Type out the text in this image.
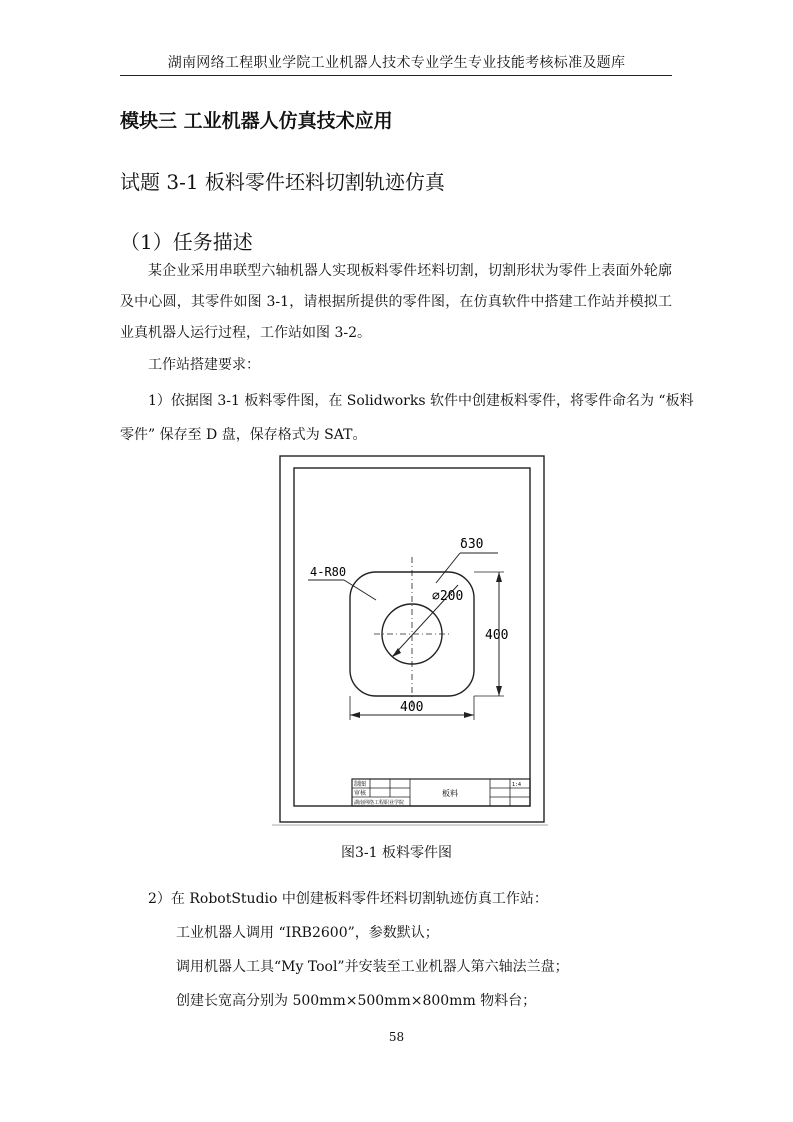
湖南网络工程职业学院工业机器人技术专业学生专业技能考核标准及题库
模块三 工业机器人仿真技术应用
试题 3-1 板料零件坯料切割轨迹仿真
（1）任务描述
某企业采用串联型六轴机器人实现板料零件坯料切割，切割形状为零件上表面外轮廓及中心圆，其零件如图 3-1，请根据所提供的零件图，在仿真软件中搭建工作站并模拟工业真机器人运行过程，工作站如图 3-2。
工作站搭建要求：
1）依据图 3-1 板料零件图，在 Solidworks 软件中创建板料零件，将零件命名为 “板料
零件” 保存至 D 盘，保存格式为 SAT。
δ30
4-R80
⌀200
400
400
制图
审核
湖南网络工程职业学院
板料
1:4
图3-1 板料零件图
2）在 RobotStudio 中创建板料零件坯料切割轨迹仿真工作站：
工业机器人调用 “IRB2600”，参数默认；
调用机器人工具“My Tool”并安装至工业机器人第六轴法兰盘；
创建长宽高分别为 500mm×500mm×800mm 物料台；
58
